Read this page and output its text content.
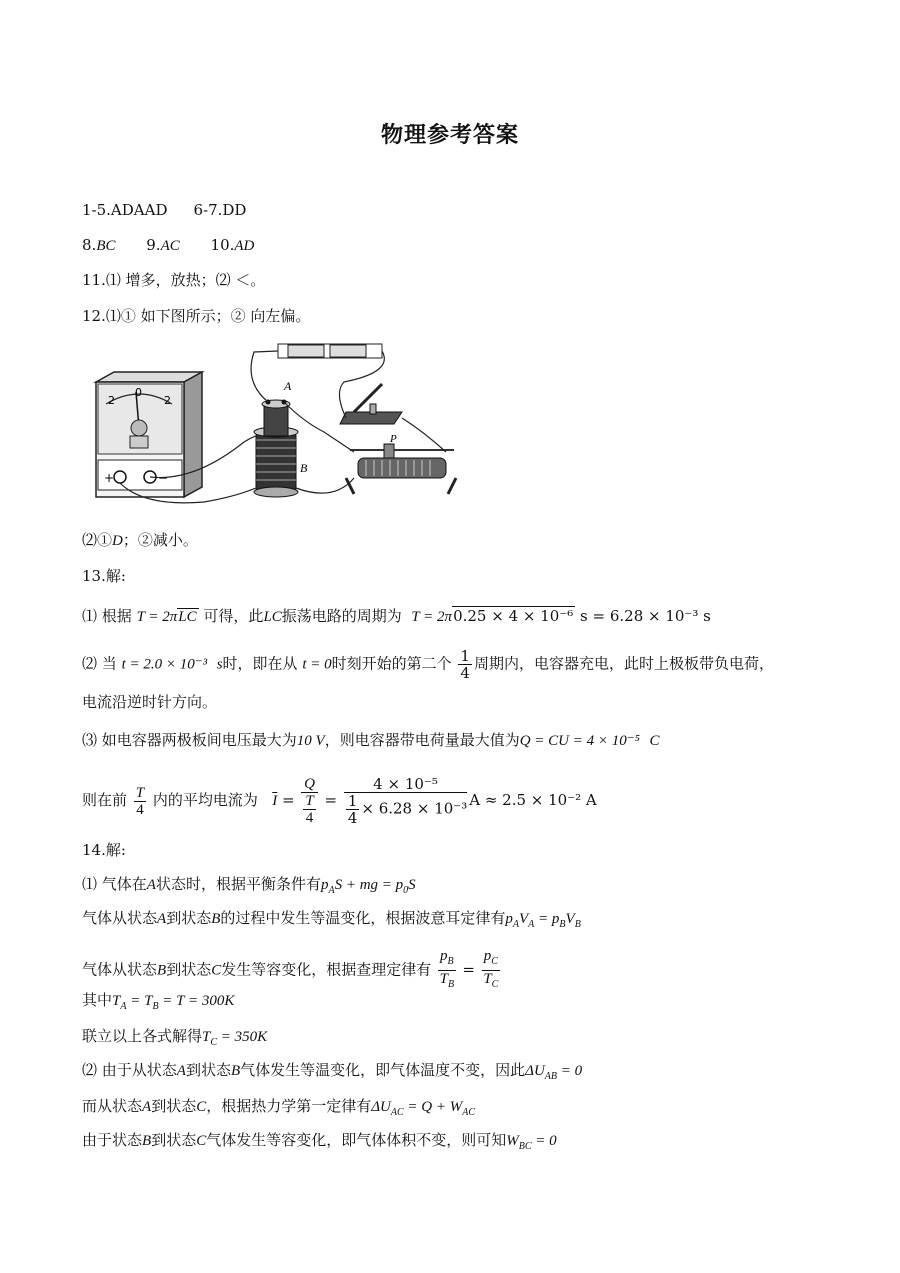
物理参考答案
1-5.ADAAD 6-7.DD
8.BC 9.AC 10.AD
11.⑴ 增多，放热；⑵ ＜。
12.⑴① 如下图所示；② 向左偏。
2
0
2
+	−
A
B
P
⑵①D；②减小。
13.解:
⑴ 根据 T = 2πLC 可得，此LC振荡电路的周期为 T = 2π0.25 × 4 × 10⁻⁶ s = 6.28 × 10⁻³ s
⑵ 当 t = 2.0 × 10⁻³ s时，即在从 t = 0时刻开始的第二个 $\frac{1}{4}$ 周期内，电容器充电，此时上极板带负电荷，
电流沿逆时针方向。
⑶ 如电容器两极板间电压最大为10 V，则电容器带电荷量最大值为Q = CU = 4 × 10⁻⁵ C
则在前 $\frac{T}{4}$ 内的平均电流为 $\overline{I} = \frac{Q}{\frac{T}{4}} = \frac{\text{4 × 10⁻⁵}}{\frac{1}{4} \times 6.28 \times 10^{-3}}$ A ≈ 2.5 × 10⁻² A
14.解:
⑴ 气体在A状态时，根据平衡条件有$p_AS$ + mg = $p_0S$
气体从状态A到状态B的过程中发生等温变化，根据波意耳定律有$p_AV_A = p_BV_B$
气体从状态B到状态C发生等容变化，根据查理定律有 $\frac{p_B}{T_B} = \frac{p_C}{T_C}$
其中$T_A = T_B = T = 300K$
联立以上各式解得$T_C = 350K$
⑵ 由于从状态A到状态B气体发生等温变化，即气体温度不变，因此$\Delta U_{AB} = 0$
而从状态A到状态C，根据热力学第一定律有$\Delta U_{AC} = Q + W_{AC}$
由于状态B到状态C气体发生等容变化，即气体体积不变，则可知$W_{BC} = 0$
